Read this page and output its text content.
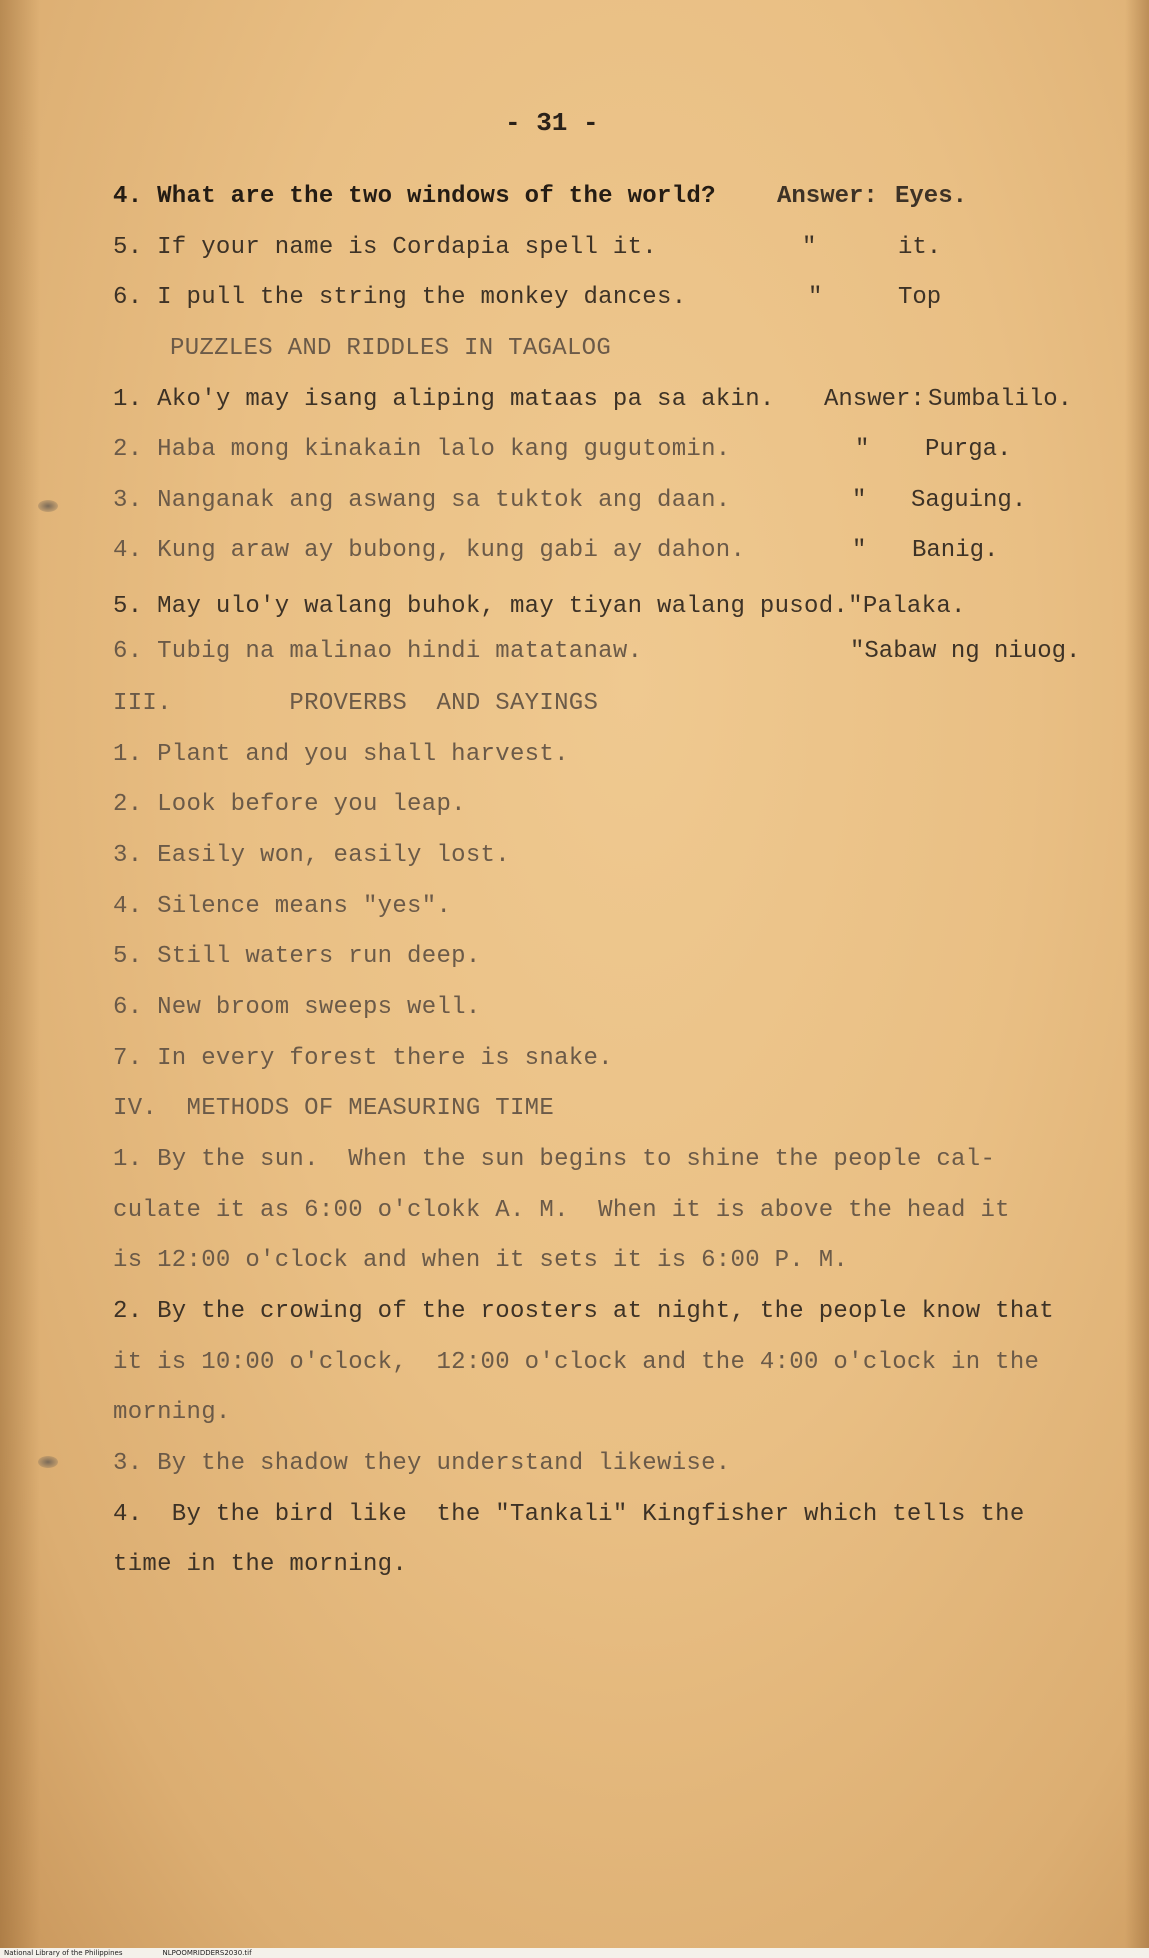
- 31 -
4. What are the two windows of the world?	Answer: Eyes.
5. If your name is Cordapia spell it.	"	it.
6. I pull the string the monkey dances.	"	Top
PUZZLES AND RIDDLES IN TAGALOG
1. Ako'y may isang aliping mataas pa sa akin. Answer: Sumbalilo.
2. Haba mong kinakain lalo kang gugutomin.	" Purga.
3. Nanganak ang aswang sa tuktok ang daan.	" Saguing.
4. Kung araw ay bubong, kung gabi ay dahon.	" Banig.
5. May ulo'y walang buhok, may tiyan walang pusod."Palaka.
6. Tubig na malinao hindi matatanaw.	"Sabaw ng niuog.
III.        PROVERBS  AND SAYINGS
1. Plant and you shall harvest.
2. Look before you leap.
3. Easily won, easily lost.
4. Silence means "yes".
5. Still waters run deep.
6. New broom sweeps well.
7. In every forest there is snake.
IV.  METHODS OF MEASURING TIME
1. By the sun.  When the sun begins to shine the people cal-
culate it as 6:00 o'clokk A. M.  When it is above the head it
is 12:00 o'clock and when it sets it is 6:00 P. M.
2. By the crowing of the roosters at night, the people know that
it is 10:00 o'clock,  12:00 o'clock and the 4:00 o'clock in the
morning.
3. By the shadow they understand likewise.
4.  By the bird like  the "Tankali" Kingfisher which tells the
time in the morning.
National Library of the Philippines	NLPOOMRIDDERS2030.tif
